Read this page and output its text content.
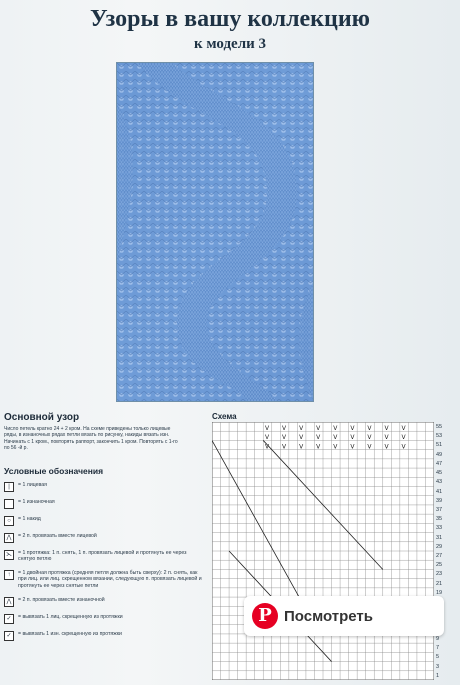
Узоры в вашу коллекцию
к модели 3
Основной узор
Число петель кратно 24 + 2 кром. На схеме приведены только лицевые ряды, в изнаночных рядах петли вязать по рисунку, накиды вязать изн. Начинать с 1 кром., повторять раппорт, закончить 1 кром. Повторять с 1-го по 56 -й р.
Условные обозначения
|	= 1 лицевая
= 1 изнаночная
○	= 1 накид
⋀	= 2 п. провязать вместе лицевой
⋋	= 1 протяжка: 1 п. снять, 1 п. провязать лицевой и протянуть ее через снятую петлю
↑	= 1 двойная протяжка (средняя петля должна быть сверху): 2 п. снять, как при лиц. или лиц. скрещенном вязании, следующую п. провязать лицевой и протянуть ее через снятые петли
⋀	= 2 п. провязать вместе изнаночной
✓	= вывязать 1 лиц. скрещенную из протяжки
✓	= вывязать 1 изн. скрещенную из протяжки
Схема
V V V V V V V V V
V V V V V V V V V
V V V V V V V V V
55
53
51
49
47
45
43
41
39
37
35
33
31
29
27
25
23
21
19
9
7
5
3
1
P Посмотреть
